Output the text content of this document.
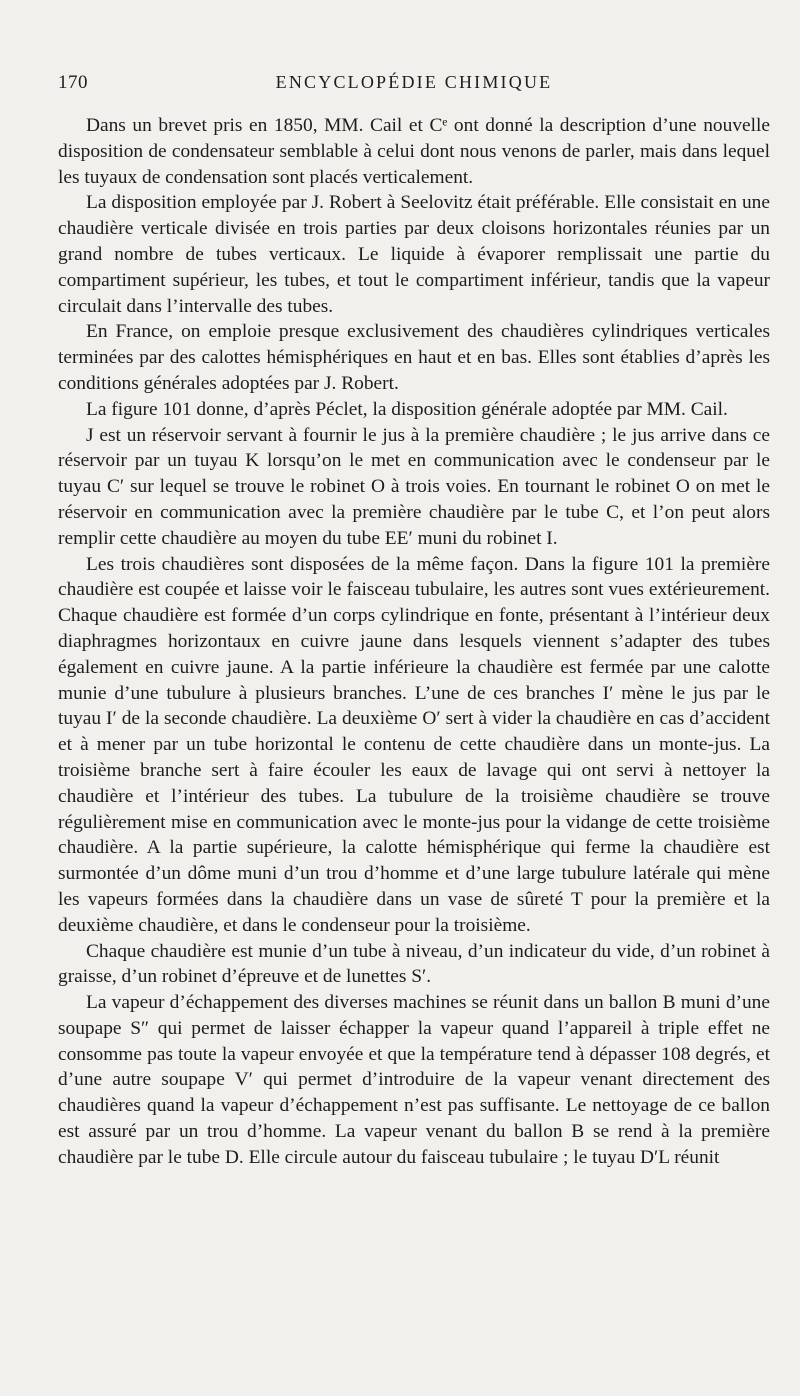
170	ENCYCLOPÉDIE CHIMIQUE

Dans un brevet pris en 1850, MM. Cail et Cᵉ ont donné la description d’une nouvelle disposition de condensateur semblable à celui dont nous venons de parler, mais dans lequel les tuyaux de condensation sont placés verticalement.

La disposition employée par J. Robert à Seelovitz était préférable. Elle consistait en une chaudière verticale divisée en trois parties par deux cloisons horizontales réunies par un grand nombre de tubes verticaux. Le liquide à évaporer remplissait une partie du compartiment supérieur, les tubes, et tout le compartiment inférieur, tandis que la vapeur circulait dans l’intervalle des tubes.

En France, on emploie presque exclusivement des chaudières cylindriques verticales terminées par des calottes hémisphériques en haut et en bas. Elles sont établies d’après les conditions générales adoptées par J. Robert.

La figure 101 donne, d’après Péclet, la disposition générale adoptée par MM. Cail.

J est un réservoir servant à fournir le jus à la première chaudière ; le jus arrive dans ce réservoir par un tuyau K lorsqu’on le met en communication avec le condenseur par le tuyau C′ sur lequel se trouve le robinet O à trois voies. En tournant le robinet O on met le réservoir en communication avec la première chaudière par le tube C, et l’on peut alors remplir cette chaudière au moyen du tube EE′ muni du robinet I.

Les trois chaudières sont disposées de la même façon. Dans la figure 101 la première chaudière est coupée et laisse voir le faisceau tubulaire, les autres sont vues extérieurement. Chaque chaudière est formée d’un corps cylindrique en fonte, présentant à l’intérieur deux diaphragmes horizontaux en cuivre jaune dans lesquels viennent s’adapter des tubes également en cuivre jaune. A la partie inférieure la chaudière est fermée par une calotte munie d’une tubulure à plusieurs branches. L’une de ces branches I′ mène le jus par le tuyau I′ de la seconde chaudière. La deuxième O′ sert à vider la chaudière en cas d’accident et à mener par un tube horizontal le contenu de cette chaudière dans un monte-jus. La troisième branche sert à faire écouler les eaux de lavage qui ont servi à nettoyer la chaudière et l’intérieur des tubes. La tubulure de la troisième chaudière se trouve régulièrement mise en communication avec le monte-jus pour la vidange de cette troisième chaudière. A la partie supérieure, la calotte hémisphérique qui ferme la chaudière est surmontée d’un dôme muni d’un trou d’homme et d’une large tubulure latérale qui mène les vapeurs formées dans la chaudière dans un vase de sûreté T pour la première et la deuxième chaudière, et dans le condenseur pour la troisième.

Chaque chaudière est munie d’un tube à niveau, d’un indicateur du vide, d’un robinet à graisse, d’un robinet d’épreuve et de lunettes S′.

La vapeur d’échappement des diverses machines se réunit dans un ballon B muni d’une soupape S″ qui permet de laisser échapper la vapeur quand l’appareil à triple effet ne consomme pas toute la vapeur envoyée et que la température tend à dépasser 108 degrés, et d’une autre soupape V′ qui permet d’introduire de la vapeur venant directement des chaudières quand la vapeur d’échappement n’est pas suffisante. Le nettoyage de ce ballon est assuré par un trou d’homme. La vapeur venant du ballon B se rend à la première chaudière par le tube D. Elle circule autour du faisceau tubulaire ; le tuyau D′L réunit
